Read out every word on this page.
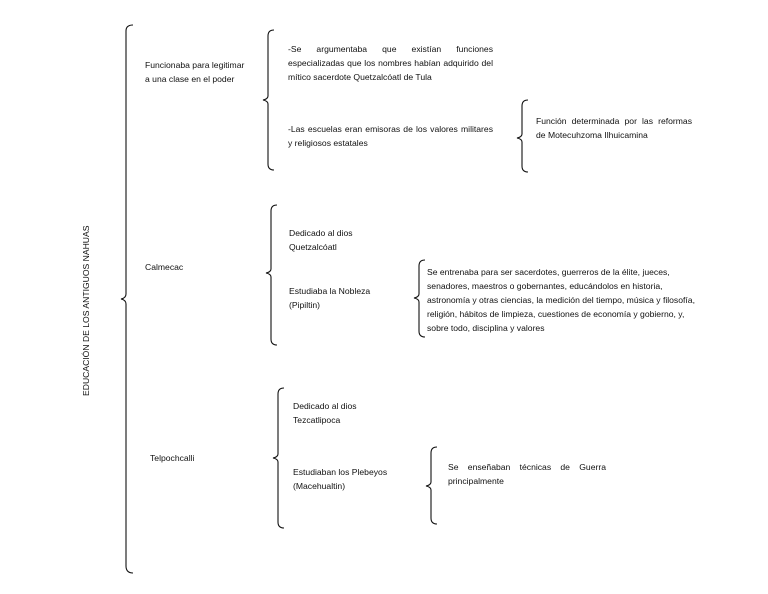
EDUCACIÓN DE LOS ANTIGUOS NAHUAS

Funcionaba para legitimar a una clase en el poder

-Se argumentaba que existían funciones especializadas que los nombres habían adquirido del mítico sacerdote Quetzalcóatl de Tula

-Las escuelas eran emisoras de los valores militares y religiosos estatales

Función determinada por las reformas de Motecuhzoma Ilhuicamina

Calmecac

Dedicado al dios Quetzalcóatl

Estudiaba la Nobleza (Pipiltin)

Se entrenaba para ser sacerdotes, guerreros de la élite, jueces, senadores, maestros o gobernantes, educándolos en historia, astronomía y otras ciencias, la medición del tiempo, música y filosofía, religión, hábitos de limpieza, cuestiones de economía y gobierno, y, sobre todo, disciplina y valores

Telpochcalli

Dedicado al dios Tezcatlipoca

Estudiaban los Plebeyos (Macehualtin)

Se enseñaban técnicas de Guerra principalmente
